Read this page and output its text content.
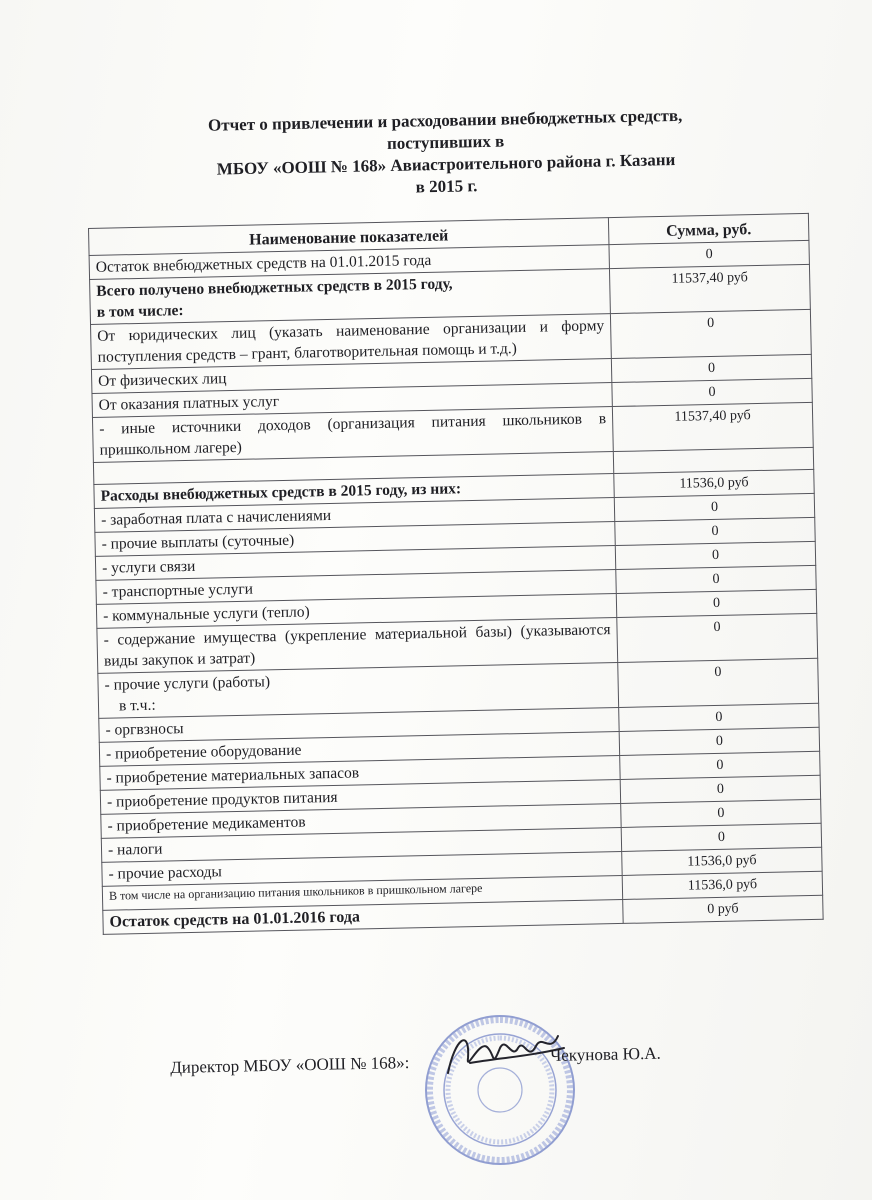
Отчет о привлечении и расходовании внебюджетных средств,
поступивших в
МБОУ «ООШ № 168» Авиастроительного района г. Казани
в 2015 г.
Наименование показателей	Сумма, руб.
Остаток внебюджетных средств на 01.01.2015 года	0

Всего получено внебюджетных средств в 2015 году,
в том числе:	11537,40 руб
От юридических лиц (указать наименование организации и форму поступления средств – грант, благотворительная помощь и т.д.)	0
От физических лиц	0
От оказания платных услуг	0
- иные источники доходов (организация питания школьников в пришкольном лагере)	11537,40 руб

Расходы внебюджетных средств в 2015 году, из них:	11536,0 руб
- заработная плата с начислениями	0
- прочие выплаты (суточные)	0
- услуги связи	0
- транспортные услуги	0
- коммунальные услуги (тепло)	0
- содержание имущества (укрепление материальной базы) (указываются виды закупок и затрат)	0

- прочие услуги (работы)
в т.ч.:	0
- оргвзносы	0
- приобретение оборудование	0
- приобретение материальных запасов	0
- приобретение продуктов питания	0
- приобретение медикаментов	0
- налоги	0
- прочие расходы	11536,0 руб
В том числе на организацию питания школьников в пришкольном лагере	11536,0 руб
Остаток средств на 01.01.2016 года	0 руб
Директор МБОУ «ООШ № 168»:	Чекунова Ю.А.
